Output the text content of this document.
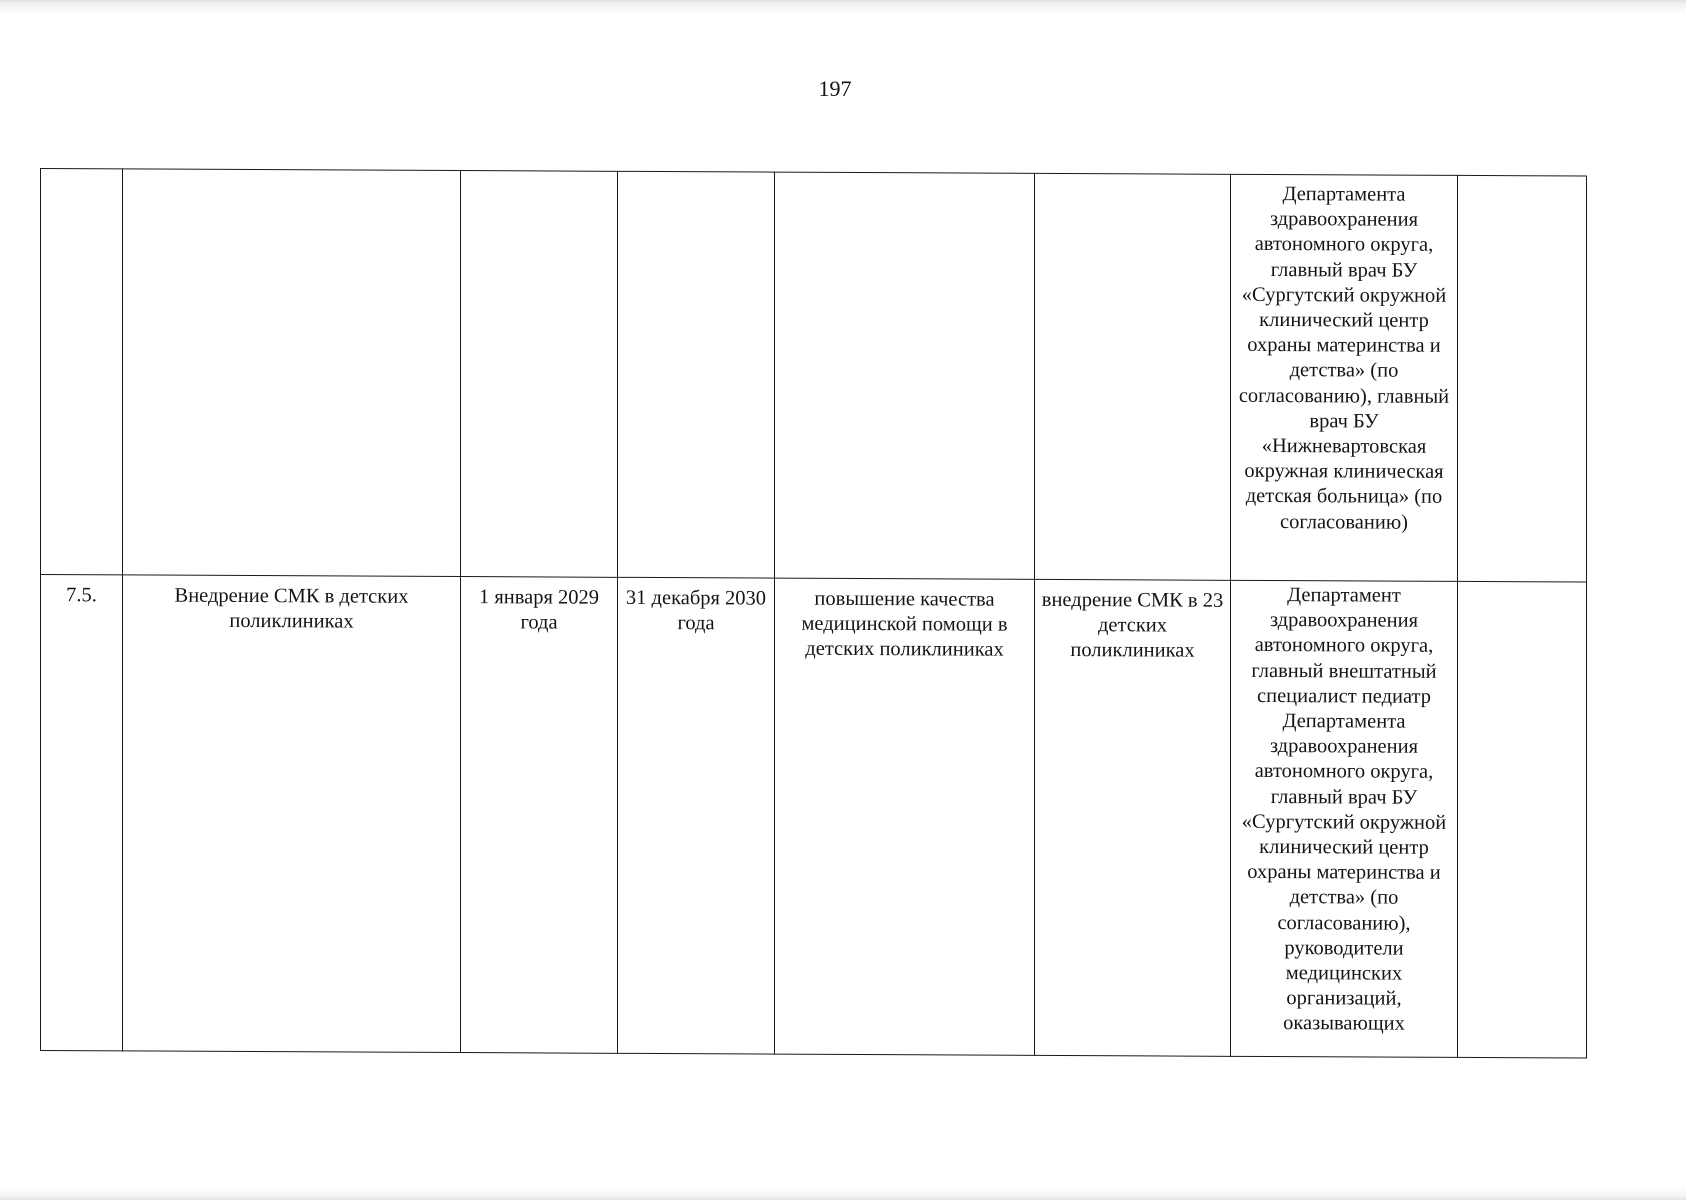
197

						Департамента здравоохранения автономного округа, главный врач БУ «Сургутский окружной клинический центр охраны материнства и детства» (по согласованию), главный врач БУ «Нижневартовская окружная клиническая детская больница» (по согласованию)	

7.5.	Внедрение СМК в детских поликлиниках	1 января 2029 года	31 декабря 2030 года	повышение качества медицинской помощи в детских поликлиниках	внедрение СМК в 23 детских поликлиниках	Департамент здравоохранения автономного округа, главный внештатный специалист педиатр Департамента здравоохранения автономного округа, главный врач БУ «Сургутский окружной клинический центр охраны материнства и детства» (по согласованию), руководители медицинских организаций, оказывающих	
